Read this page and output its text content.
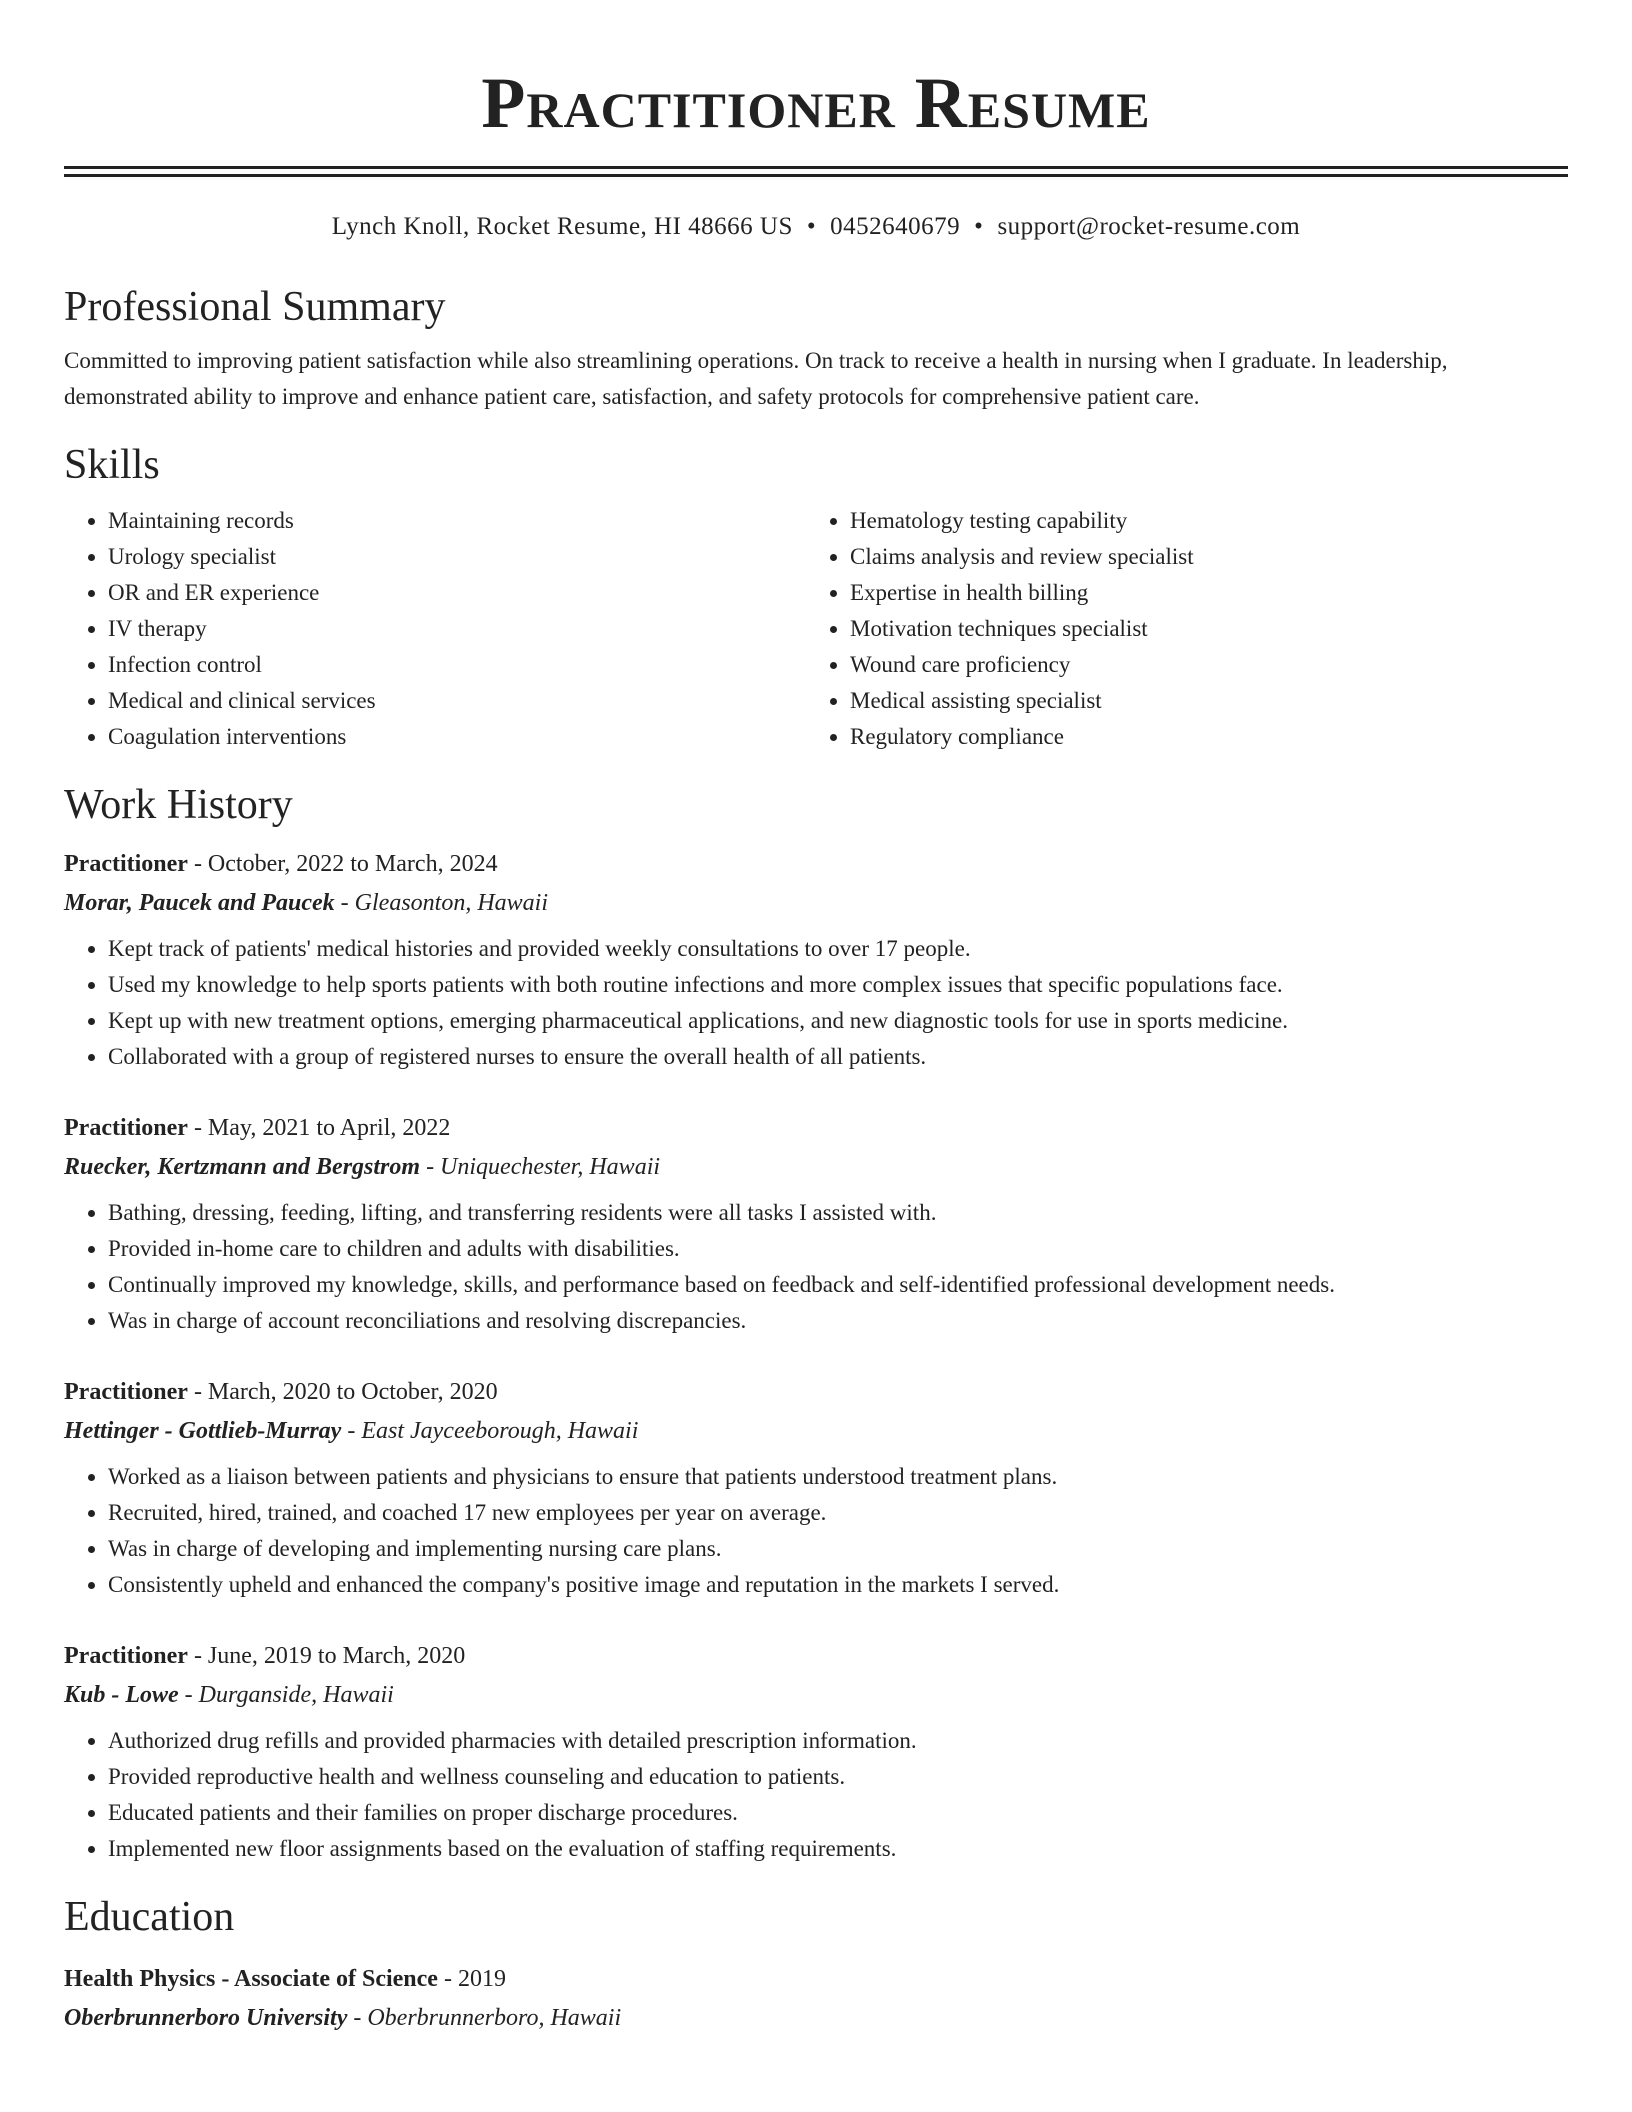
Practitioner Resume
Lynch Knoll, Rocket Resume, HI 48666 US • 0452640679 • support@rocket-resume.com
Professional Summary
Committed to improving patient satisfaction while also streamlining operations. On track to receive a health in nursing when I graduate. In leadership, demonstrated ability to improve and enhance patient care, satisfaction, and safety protocols for comprehensive patient care.
Skills
• Maintaining records
• Urology specialist
• OR and ER experience
• IV therapy
• Infection control
• Medical and clinical services
• Coagulation interventions
• Hematology testing capability
• Claims analysis and review specialist
• Expertise in health billing
• Motivation techniques specialist
• Wound care proficiency
• Medical assisting specialist
• Regulatory compliance
Work History
Practitioner - October, 2022 to March, 2024
Morar, Paucek and Paucek - Gleasonton, Hawaii
• Kept track of patients' medical histories and provided weekly consultations to over 17 people.
• Used my knowledge to help sports patients with both routine infections and more complex issues that specific populations face.
• Kept up with new treatment options, emerging pharmaceutical applications, and new diagnostic tools for use in sports medicine.
• Collaborated with a group of registered nurses to ensure the overall health of all patients.
Practitioner - May, 2021 to April, 2022
Ruecker, Kertzmann and Bergstrom - Uniquechester, Hawaii
• Bathing, dressing, feeding, lifting, and transferring residents were all tasks I assisted with.
• Provided in-home care to children and adults with disabilities.
• Continually improved my knowledge, skills, and performance based on feedback and self-identified professional development needs.
• Was in charge of account reconciliations and resolving discrepancies.
Practitioner - March, 2020 to October, 2020
Hettinger - Gottlieb-Murray - East Jayceeborough, Hawaii
• Worked as a liaison between patients and physicians to ensure that patients understood treatment plans.
• Recruited, hired, trained, and coached 17 new employees per year on average.
• Was in charge of developing and implementing nursing care plans.
• Consistently upheld and enhanced the company's positive image and reputation in the markets I served.
Practitioner - June, 2019 to March, 2020
Kub - Lowe - Durganside, Hawaii
• Authorized drug refills and provided pharmacies with detailed prescription information.
• Provided reproductive health and wellness counseling and education to patients.
• Educated patients and their families on proper discharge procedures.
• Implemented new floor assignments based on the evaluation of staffing requirements.
Education
Health Physics - Associate of Science - 2019
Oberbrunnerboro University - Oberbrunnerboro, Hawaii
